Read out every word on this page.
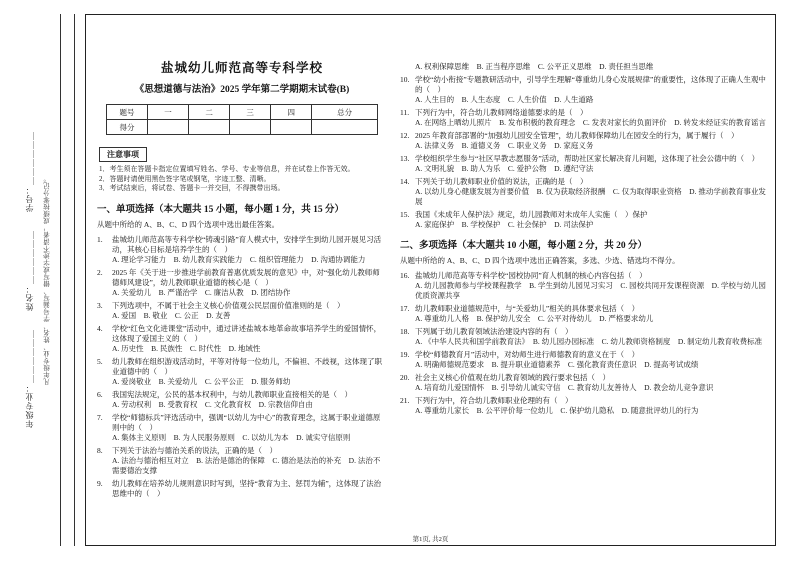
年级专业：＿＿＿＿＿＿　　姓名：＿＿＿＿＿＿　　学号：＿＿＿＿＿＿ 凡年级专业、姓名、学号漏写、错写或字迹不清者，成绩按零分记。
盐城幼儿师范高等专科学校
《思想道德与法治》2025 学年第二学期期末试卷(B)
题号	一	二	三	四	总分
得分					
注意事项
1．考生须在答题卡指定位置填写姓名、学号、专业等信息，并在试卷上作答无效。
2．答题时请使用黑色签字笔或钢笔，字迹工整、清晰。
3．考试结束后，将试卷、答题卡一并交回，不得携带出场。
一、单项选择（本大题共 15 小题，每小题 1 分，共 15 分）
从题中所给的 A、B、C、D 四个选项中选出最佳答案。
1. 盐城幼儿师范高等专科学校“铸魂引路”育人模式中，安排学生到幼儿园开展见习活动，其核心目标是培养学生的（　）
A. 理论学习能力　B. 幼儿教育实践能力　C. 组织管理能力　D. 沟通协调能力
2. 2025 年《关于进一步推进学前教育普惠优质发展的意见》中，对“强化幼儿教师师德师风建设”，幼儿教师职业道德的核心是（　）
A. 关爱幼儿　B. 严谨治学　C. 廉洁从教　D. 团结协作
3. 下列选项中，不属于社会主义核心价值观公民层面价值准则的是（　）
A. 爱国　B. 敬业　C. 公正　D. 友善
4. 学校“红色文化进课堂”活动中，通过讲述盐城本地革命故事培养学生的爱国情怀，这体现了爱国主义的（　）
A. 历史性　B. 民族性　C. 时代性　D. 地域性
5. 幼儿教师在组织游戏活动时，平等对待每一位幼儿，不偏袒、不歧视，这体现了职业道德中的（　）
A. 爱岗敬业　B. 关爱幼儿　C. 公平公正　D. 服务师幼
6. 我国宪法规定，公民的基本权利中，与幼儿教师职业直接相关的是（　）
A. 劳动权利　B. 受教育权　C. 文化教育权　D. 宗教信仰自由
7. 学校“师德标兵”评选活动中，强调“以幼儿为中心”的教育理念，这属于职业道德原则中的（　）
A. 集体主义原则　B. 为人民服务原则　C. 以幼儿为本　D. 诚实守信原则
8. 下列关于法治与德治关系的说法，正确的是（　）
A. 法治与德治相互对立　B. 法治是德治的保障　C. 德治是法治的补充　D. 法治不需要德治支撑
9. 幼儿教师在培养幼儿规则意识时写到，坚持“教育为主、惩罚为辅”，这体现了法治思维中的（　）
A. 权利保障思维　B. 正当程序思维　C. 公平正义思维　D. 责任担当思维
10. 学校“幼小衔接”专题教研活动中，引导学生理解“尊重幼儿身心发展规律”的重要性，这体现了正确人生观中的（　）
A. 人生目的　B. 人生态度　C. 人生价值　D. 人生道路
11. 下列行为中，符合幼儿教师网络道德要求的是（　）
A. 在网络上晒幼儿照片　B. 发布积极的教育理念　C. 发表对家长的负面评价　D. 转发未经证实的教育谣言
12. 2025 年教育部部署的“加强幼儿园安全管理”，幼儿教师保障幼儿在园安全的行为，属于履行（　）
A. 法律义务　B. 道德义务　C. 职业义务　D. 家庭义务
13. 学校组织学生参与“社区早教志愿服务”活动，帮助社区家长解决育儿问题，这体现了社会公德中的（　）
A. 文明礼貌　B. 助人为乐　C. 爱护公物　D. 遵纪守法
14. 下列关于幼儿教师职业价值的说法，正确的是（　）
A. 以幼儿身心健康发展为首要价值　B. 仅为获取经济报酬　C. 仅为取得职业资格　D. 推动学前教育事业发展
15. 我国《未成年人保护法》规定，幼儿园教师对未成年人实施（　）保护
A. 家庭保护　B. 学校保护　C. 社会保护　D. 司法保护
二、多项选择（本大题共 10 小题，每小题 2 分，共 20 分）
从题中所给的 A、B、C、D 四个选项中选出正确答案，多选、少选、错选均不得分。
16. 盐城幼儿师范高等专科学校“园校协同”育人机制的核心内容包括（　）
A. 幼儿园教师参与学校课程教学　B. 学生到幼儿园见习实习　C. 园校共同开发课程资源　D. 学校与幼儿园优质资源共享
17. 幼儿教师职业道德规范中，与“关爱幼儿”相关的具体要求包括（　）
A. 尊重幼儿人格　B. 保护幼儿安全　C. 公平对待幼儿　D. 严格要求幼儿
18. 下列属于幼儿教育领域法治建设内容的有（　）
A. 《中华人民共和国学前教育法》　B. 幼儿园办园标准　C. 幼儿教师资格制度　D. 制定幼儿教育收费标准
19. 学校“师德教育月”活动中，对幼师生进行师德教育的意义在于（　）
A. 明确师德规范要求　B. 提升职业道德素养　C. 强化教育责任意识　D. 提高考试成绩
20. 社会主义核心价值观在幼儿教育领域的践行要求包括（　）
A. 培育幼儿爱国情怀　B. 引导幼儿诚实守信　C. 教育幼儿友善待人　D. 教会幼儿竞争意识
21. 下列行为中，符合幼儿教师职业伦理的有（　）
A. 尊重幼儿家长　B. 公平评价每一位幼儿　C. 保护幼儿隐私　D. 随意批评幼儿的行为
第1页, 共2页
